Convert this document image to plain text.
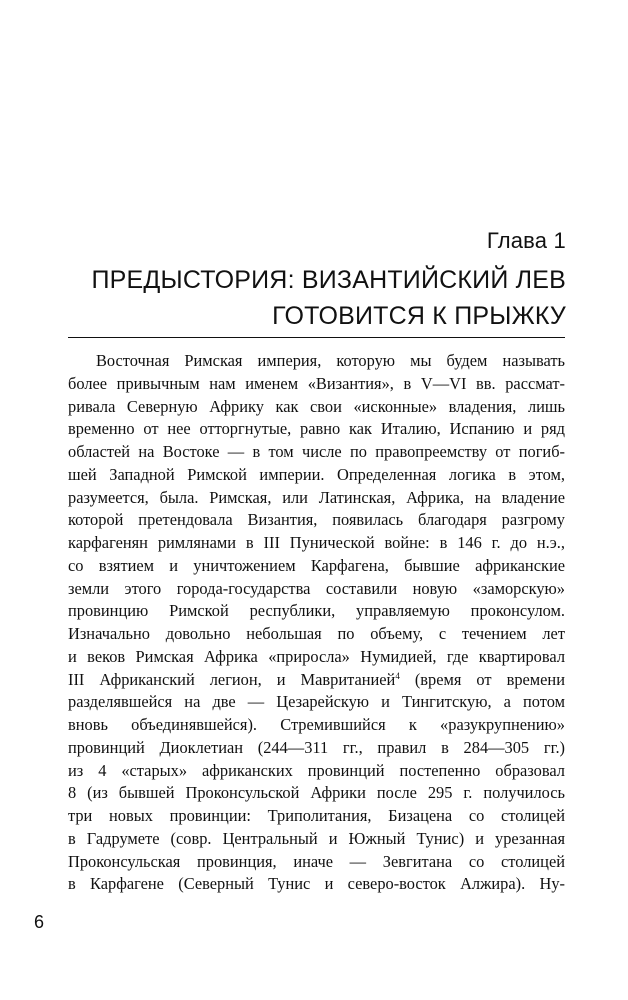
Глава 1
ПРЕДЫСТОРИЯ: ВИЗАНТИЙСКИЙ ЛЕВ
ГОТОВИТСЯ К ПРЫЖКУ
Восточная Римская империя, которую мы будем называть
более привычным нам именем «Византия», в V—VI вв. рассмат-
ривала Северную Африку как свои «исконные» владения, лишь
временно от нее отторгнутые, равно как Италию, Испанию и ряд
областей на Востоке — в том числе по правопреемству от погиб-
шей Западной Римской империи. Определенная логика в этом,
разумеется, была. Римская, или Латинская, Африка, на владение
которой претендовала Византия, появилась благодаря разгрому
карфагенян римлянами в III Пунической войне: в 146 г. до н.э.,
со взятием и уничтожением Карфагена, бывшие африканские
земли этого города-государства составили новую «заморскую»
провинцию Римской республики, управляемую проконсулом.
Изначально довольно небольшая по объему, с течением лет
и веков Римская Африка «приросла» Нумидией, где квартировал
III Африканский легион, и Мавританией$^4$ (время от времени
разделявшейся на две — Цезарейскую и Тингитскую, а потом
вновь объединявшейся). Стремившийся к «разукрупнению»
провинций Диоклетиан (244—311 гг., правил в 284—305 гг.)
из 4 «старых» африканских провинций постепенно образовал
8 (из бывшей Проконсульской Африки после 295 г. получилось
три новых провинции: Триполитания, Бизацена со столицей
в Гадрумете (совр. Центральный и Южный Тунис) и урезанная
Проконсульская провинция, иначе — Зевгитана со столицей
в Карфагене (Северный Тунис и северо-восток Алжира). Ну-
6
